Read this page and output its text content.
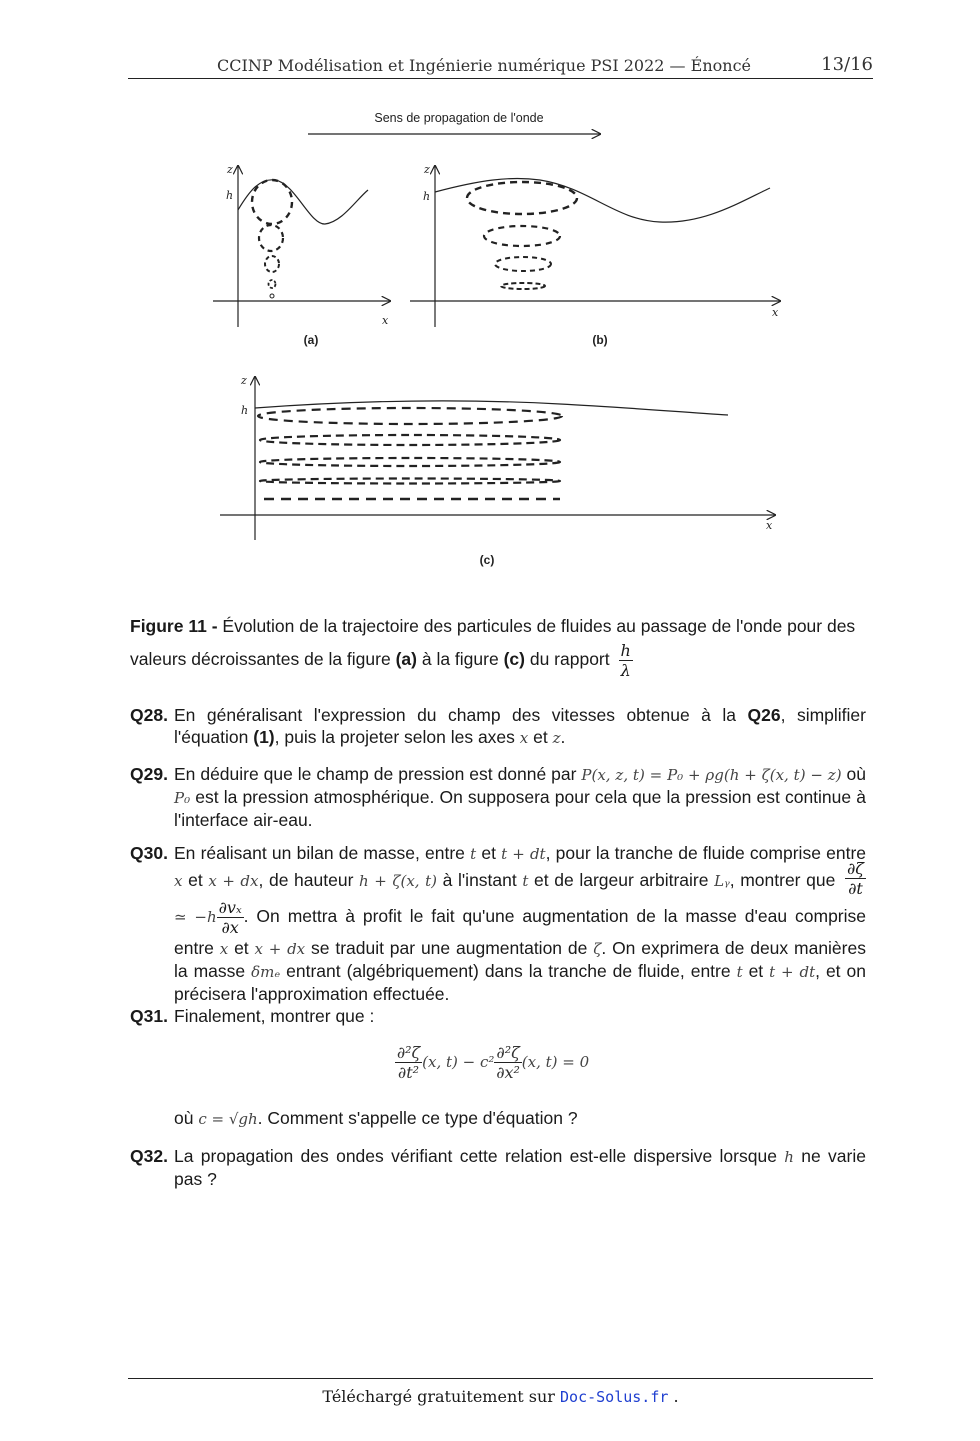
CCINP Modélisation et Ingénierie numérique PSI 2022 — Énoncé	13/16
Sens de propagation de l'onde
z
h
x
z
h
x
z
h
x
(a)	(b)
(c)
Figure 11 - Évolution de la trajectoire des particules de fluides au passage de l'onde pour des valeurs décroissantes de la figure (a) à la figure (c) du rapport $\frac{h}{\lambda}$
Q28. En généralisant l'expression du champ des vitesses obtenue à la Q26, simplifier l'équation (1), puis la projeter selon les axes x et z.
Q29. En déduire que le champ de pression est donné par P(x, z, t) = P₀ + ρg(h + ζ(x, t) − z) où P₀ est la pression atmosphérique. On supposera pour cela que la pression est continue à l'interface air-eau.
Q30. En réalisant un bilan de masse, entre t et t + dt, pour la tranche de fluide comprise entre x et x + dx, de hauteur h + ζ(x, t) à l'instant t et de largeur arbitraire Lᵧ, montrer que $\frac{\partial\zeta}{\partial t}$
≃ $-h \frac{\text{∂vₓ}}{\partial x}$ . On mettra à profit le fait qu'une augmentation de la masse d'eau comprise entre x et x + dx se traduit par une augmentation de ζ. On exprimera de deux manières la masse δmₑ entrant (algébriquement) dans la tranche de fluide, entre t et t + dt, et on précisera l'approximation effectuée.
Q31. Finalement, montrer que :
$\frac{\text{∂²ζ}}{\text{∂t²}} (x$, $t) - c^2 \frac{\text{∂²ζ}}{\text{∂x²}} (x$, t) = 0
où c = √gh. Comment s'appelle ce type d'équation ?
Q32. La propagation des ondes vérifiant cette relation est-elle dispersive lorsque h ne varie pas ?
Téléchargé gratuitement sur Doc-Solus.fr .
